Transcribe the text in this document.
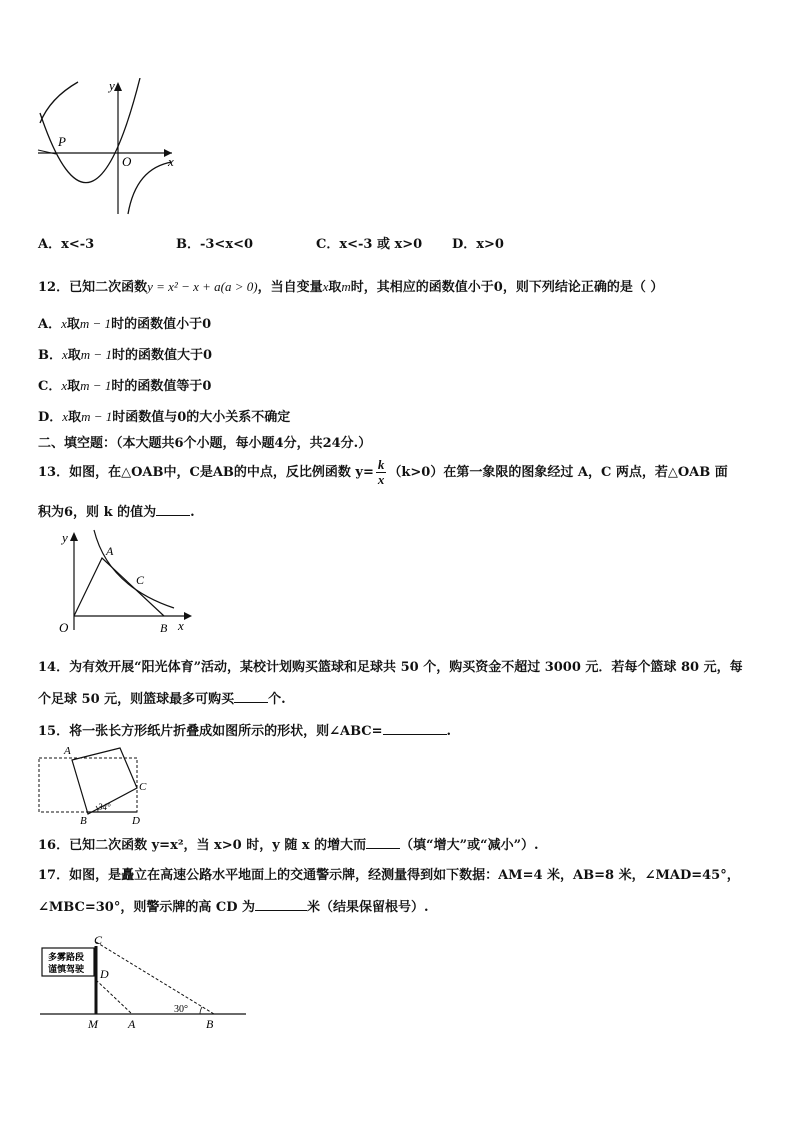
y
x
O
P
A．x<-3	B．-3<x<0	C．x<-3 或 x>0 D．x>0
12．已知二次函数y = x² − x + a(a > 0)，当自变量x取m时，其相应的函数值小于0，则下列结论正确的是（ ）
A．x取m − 1时的函数值小于0
B．x取m − 1时的函数值大于0
C．x取m − 1时的函数值等于0
D．x取m − 1时函数值与0的大小关系不确定
二、填空题：（本大题共6个小题，每小题4分，共24分.）
13．如图，在△OAB中，C是AB的中点，反比例函数 $y= \frac{k}{x} (k>0)$在第一象限的图象经过 A，C 两点，若△OAB 面
积为6，则 k 的值为	.
y
x
O
A
C
B
14．为有效开展“阳光体育”活动，某校计划购买篮球和足球共 50 个，购买资金不超过 3000 元．若每个篮球 80 元，每
个足球 50 元，则篮球最多可购买	个.
15．将一张长方形纸片折叠成如图所示的形状，则∠ABC=	.
A
C
B	D
34°
16．已知二次函数 y=x²，当 x>0 时，y 随 x 的增大而	（填“增大”或“减小”）.
17．如图，是矗立在高速公路水平地面上的交通警示牌，经测量得到如下数据：AM=4 米，AB=8 米，∠MAD=45°，
∠MBC=30°，则警示牌的高 CD 为	米（结果保留根号）.
多雾路段
谨慎驾驶
C
D
M	A	B
30°
